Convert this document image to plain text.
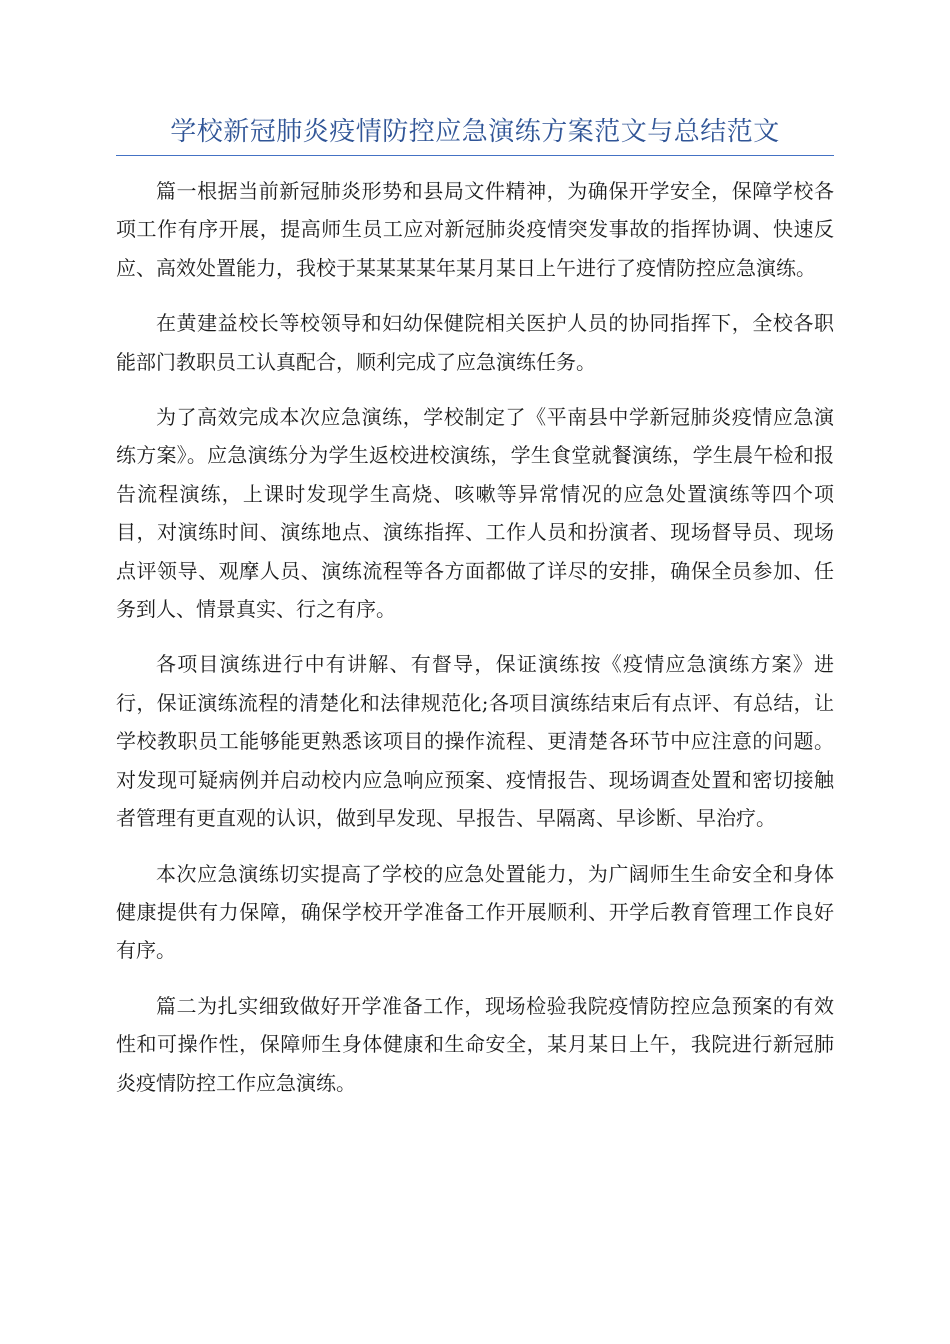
学校新冠肺炎疫情防控应急演练方案范文与总结范文

篇一根据当前新冠肺炎形势和县局文件精神，为确保开学安全，保障学校各项工作有序开展，提高师生员工应对新冠肺炎疫情突发事故的指挥协调、快速反应、高效处置能力，我校于某某某某年某月某日上午进行了疫情防控应急演练。

在黄建益校长等校领导和妇幼保健院相关医护人员的协同指挥下，全校各职能部门教职员工认真配合，顺利完成了应急演练任务。

为了高效完成本次应急演练，学校制定了《平南县中学新冠肺炎疫情应急演练方案》。应急演练分为学生返校进校演练，学生食堂就餐演练，学生晨午检和报告流程演练，上课时发现学生高烧、咳嗽等异常情况的应急处置演练等四个项目，对演练时间、演练地点、演练指挥、工作人员和扮演者、现场督导员、现场点评领导、观摩人员、演练流程等各方面都做了详尽的安排，确保全员参加、任务到人、情景真实、行之有序。

各项目演练进行中有讲解、有督导，保证演练按《疫情应急演练方案》进行，保证演练流程的清楚化和法律规范化;各项目演练结束后有点评、有总结，让学校教职员工能够能更熟悉该项目的操作流程、更清楚各环节中应注意的问题。对发现可疑病例并启动校内应急响应预案、疫情报告、现场调查处置和密切接触者管理有更直观的认识，做到早发现、早报告、早隔离、早诊断、早治疗。

本次应急演练切实提高了学校的应急处置能力，为广阔师生生命安全和身体健康提供有力保障，确保学校开学准备工作开展顺利、开学后教育管理工作良好有序。

篇二为扎实细致做好开学准备工作，现场检验我院疫情防控应急预案的有效性和可操作性，保障师生身体健康和生命安全，某月某日上午，我院进行新冠肺炎疫情防控工作应急演练。
